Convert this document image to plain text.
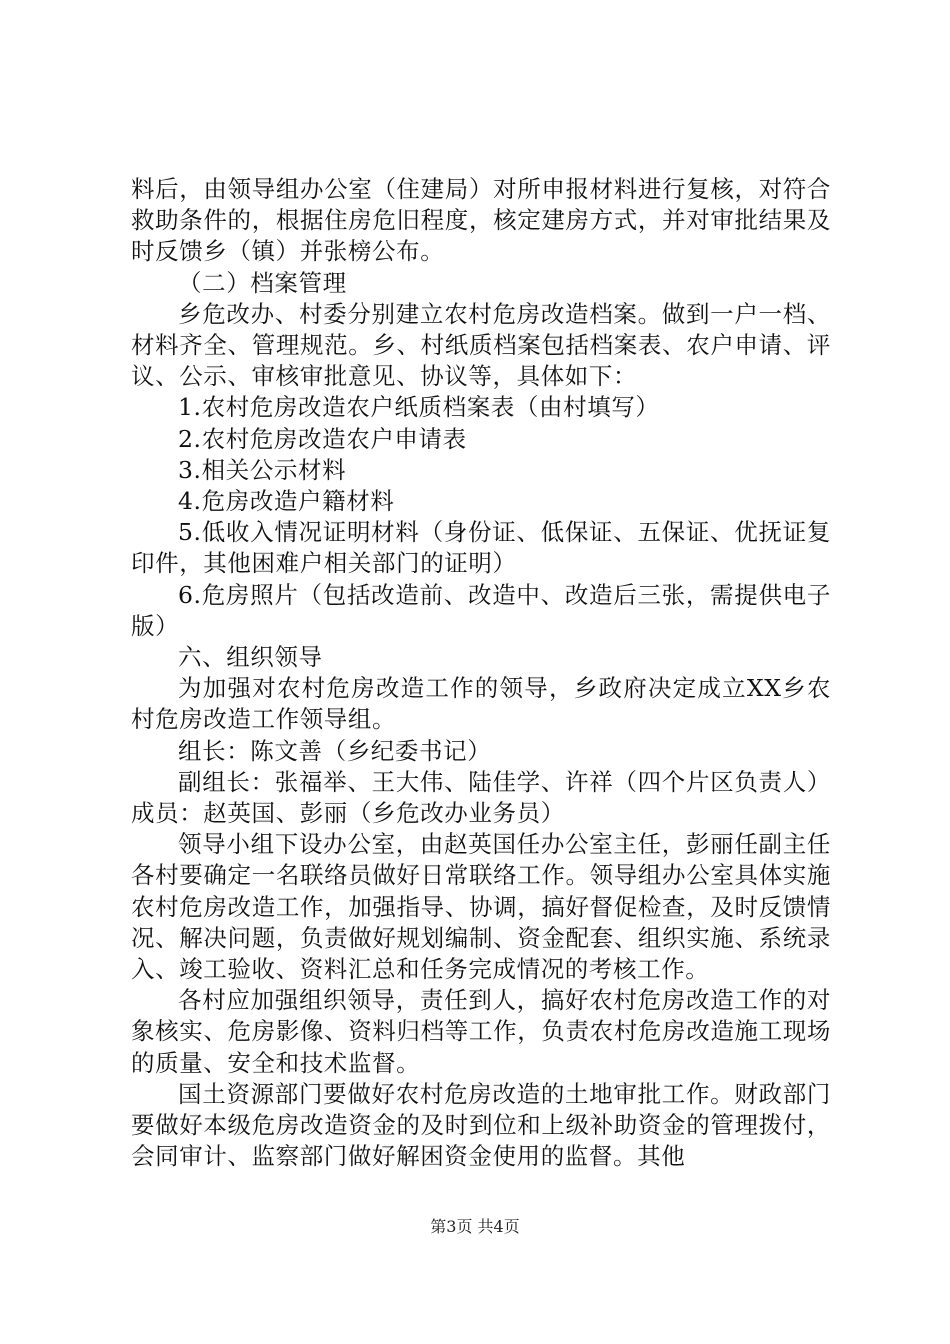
料后，由领导组办公室（住建局）对所申报材料进行复核，对符合救助条件的，根据住房危旧程度，核定建房方式，并对审批结果及时反馈乡（镇）并张榜公布。

（二）档案管理

乡危改办、村委分别建立农村危房改造档案。做到一户一档、材料齐全、管理规范。乡、村纸质档案包括档案表、农户申请、评议、公示、审核审批意见、协议等，具体如下：

1.农村危房改造农户纸质档案表（由村填写）

2.农村危房改造农户申请表

3.相关公示材料

4.危房改造户籍材料

5.低收入情况证明材料（身份证、低保证、五保证、优抚证复印件，其他困难户相关部门的证明）

6.危房照片（包括改造前、改造中、改造后三张，需提供电子版）

六、组织领导

为加强对农村危房改造工作的领导，乡政府决定成立XX乡农村危房改造工作领导组。

组长：陈文善（乡纪委书记）

副组长：张福举、王大伟、陆佳学、许祥（四个片区负责人）成员：赵英国、彭丽（乡危改办业务员）

领导小组下设办公室，由赵英国任办公室主任，彭丽任副主任各村要确定一名联络员做好日常联络工作。领导组办公室具体实施农村危房改造工作，加强指导、协调，搞好督促检查，及时反馈情况、解决问题，负责做好规划编制、资金配套、组织实施、系统录入、竣工验收、资料汇总和任务完成情况的考核工作。

各村应加强组织领导，责任到人，搞好农村危房改造工作的对象核实、危房影像、资料归档等工作，负责农村危房改造施工现场的质量、安全和技术监督。

国土资源部门要做好农村危房改造的土地审批工作。财政部门要做好本级危房改造资金的及时到位和上级补助资金的管理拨付，会同审计、监察部门做好解困资金使用的监督。其他

第3页 共4页
